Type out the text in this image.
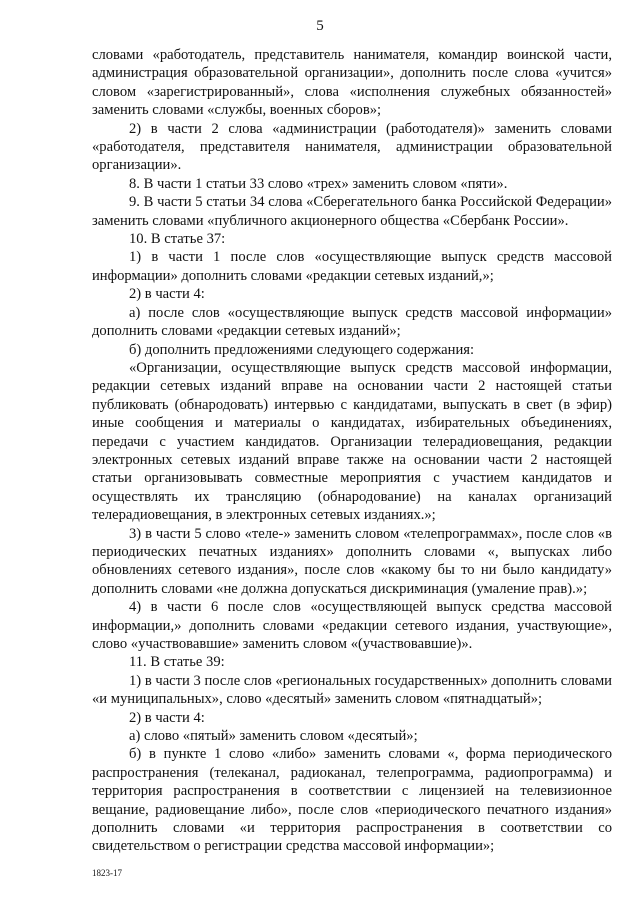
5

словами «работодатель, представитель нанимателя, командир воинской части, администрация образовательной организации», дополнить после слова «учится» словом «зарегистрированный», слова «исполнения служебных обязанностей» заменить словами «службы, военных сборов»;

2) в части 2 слова «администрации (работодателя)» заменить словами «работодателя, представителя нанимателя, администрации образовательной организации».

8. В части 1 статьи 33 слово «трех» заменить словом «пяти».

9. В части 5 статьи 34 слова «Сберегательного банка Российской Федерации» заменить словами «публичного акционерного общества «Сбербанк России».

10. В статье 37:

1) в части 1 после слов «осуществляющие выпуск средств массовой информации» дополнить словами «редакции сетевых изданий,»;

2) в части 4:

а) после слов «осуществляющие выпуск средств массовой информации» дополнить словами «редакции сетевых изданий»;

б) дополнить предложениями следующего содержания:

«Организации, осуществляющие выпуск средств массовой информации, редакции сетевых изданий вправе на основании части 2 настоящей статьи публиковать (обнародовать) интервью с кандидатами, выпускать в свет (в эфир) иные сообщения и материалы о кандидатах, избирательных объединениях, передачи с участием кандидатов. Организации телерадиовещания, редакции электронных сетевых изданий вправе также на основании части 2 настоящей статьи организовывать совместные мероприятия с участием кандидатов и осуществлять их трансляцию (обнародование) на каналах организаций телерадиовещания, в электронных сетевых изданиях.»;

3) в части 5 слово «теле-» заменить словом «телепрограммах», после слов «в периодических печатных изданиях» дополнить словами «, выпусках либо обновлениях сетевого издания», после слов «какому бы то ни было кандидату» дополнить словами «не должна допускаться дискриминация (умаление прав).»;

4) в части 6 после слов «осуществляющей выпуск средства массовой информации,» дополнить словами «редакции сетевого издания, участвующие», слово «участвовавшие» заменить словом «(участвовавшие)».

11. В статье 39:

1) в части 3 после слов «региональных государственных» дополнить словами «и муниципальных», слово «десятый» заменить словом «пятнадцатый»;

2) в части 4:

а) слово «пятый» заменить словом «десятый»;

б) в пункте 1 слово «либо» заменить словами «, форма периодического распространения (телеканал, радиоканал, телепрограмма, радиопрограмма) и территория распространения в соответствии с лицензией на телевизионное вещание, радиовещание либо», после слов «периодического печатного издания» дополнить словами «и территория распространения в соответствии со свидетельством о регистрации средства массовой информации»;

1823-17
